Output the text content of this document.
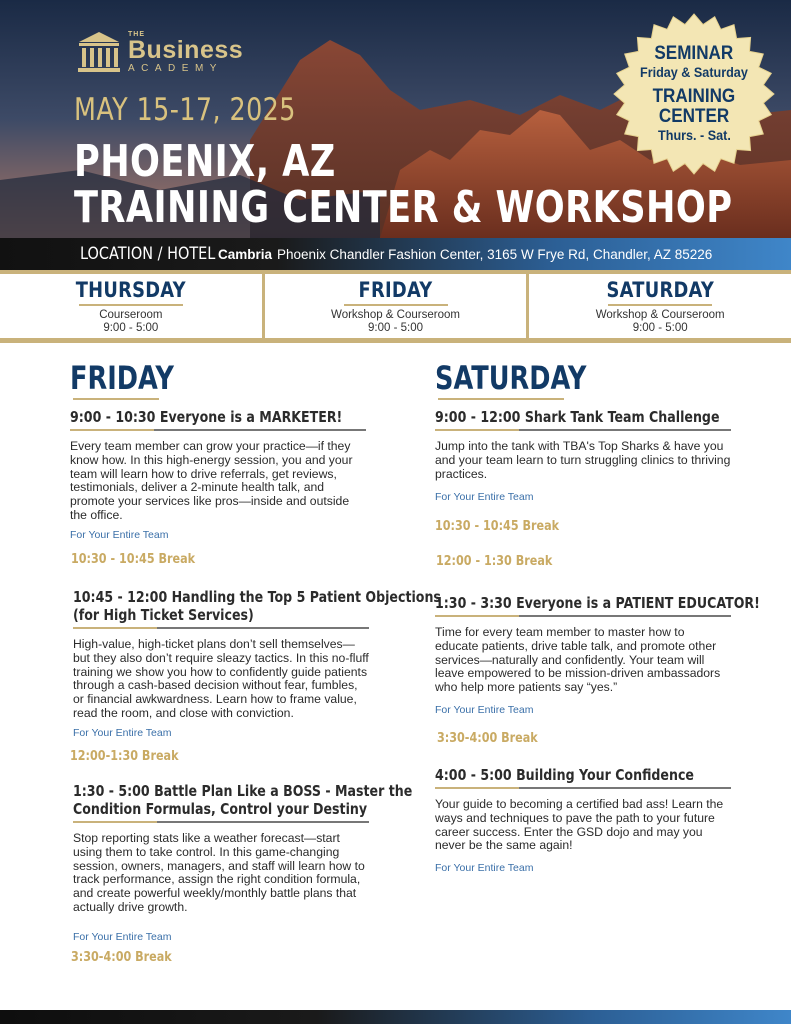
THE
Business
ACADEMY
MAY 15-17, 2025
PHOENIX, AZ
TRAINING CENTER & WORKSHOP
SEMINAR
Friday & Saturday
TRAINING
CENTER
Thurs. - Sat.
LOCATION / HOTEL Cambria Phoenix Chandler Fashion Center, 3165 W Frye Rd, Chandler, AZ 85226
THURSDAY
Courseroom
9:00 - 5:00
FRIDAY
Workshop & Courseroom
9:00 - 5:00
SATURDAY
Workshop & Courseroom
9:00 - 5:00
FRIDAY
9:00 - 10:30 Everyone is a MARKETER!
Every team member can grow your practice—if they know how. In this high-energy session, you and your team will learn how to drive referrals, get reviews, testimonials, deliver a 2-minute health talk, and promote your services like pros—inside and outside the office.
For Your Entire Team
10:30 - 10:45 Break
10:45 - 12:00 Handling the Top 5 Patient Objections
(for High Ticket Services)
High-value, high-ticket plans don’t sell themselves—but they also don’t require sleazy tactics. In this no-fluff training we show you how to confidently guide patients through a cash-based decision without fear, fumbles, or financial awkwardness. Learn how to frame value, read the room, and close with conviction.
For Your Entire Team
12:00-1:30 Break
1:30 - 5:00 Battle Plan Like a BOSS - Master the
Condition Formulas, Control your Destiny
Stop reporting stats like a weather forecast—start using them to take control. In this game-changing session, owners, managers, and staff will learn how to track performance, assign the right condition formula, and create powerful weekly/monthly battle plans that actually drive growth.
For Your Entire Team
3:30-4:00 Break
SATURDAY
9:00 - 12:00 Shark Tank Team Challenge
Jump into the tank with TBA's Top Sharks & have you and your team learn to turn struggling clinics to thriving practices.
For Your Entire Team
10:30 - 10:45 Break
12:00 - 1:30 Break
1:30 - 3:30 Everyone is a PATIENT EDUCATOR!
Time for every team member to master how to educate patients, drive table talk, and promote other services—naturally and confidently. Your team will leave empowered to be mission-driven ambassadors who help more patients say “yes.”
For Your Entire Team
3:30-4:00 Break
4:00 - 5:00 Building Your Confidence
Your guide to becoming a certified bad ass! Learn the ways and techniques to pave the path to your future career success. Enter the GSD dojo and may you never be the same again!
For Your Entire Team
